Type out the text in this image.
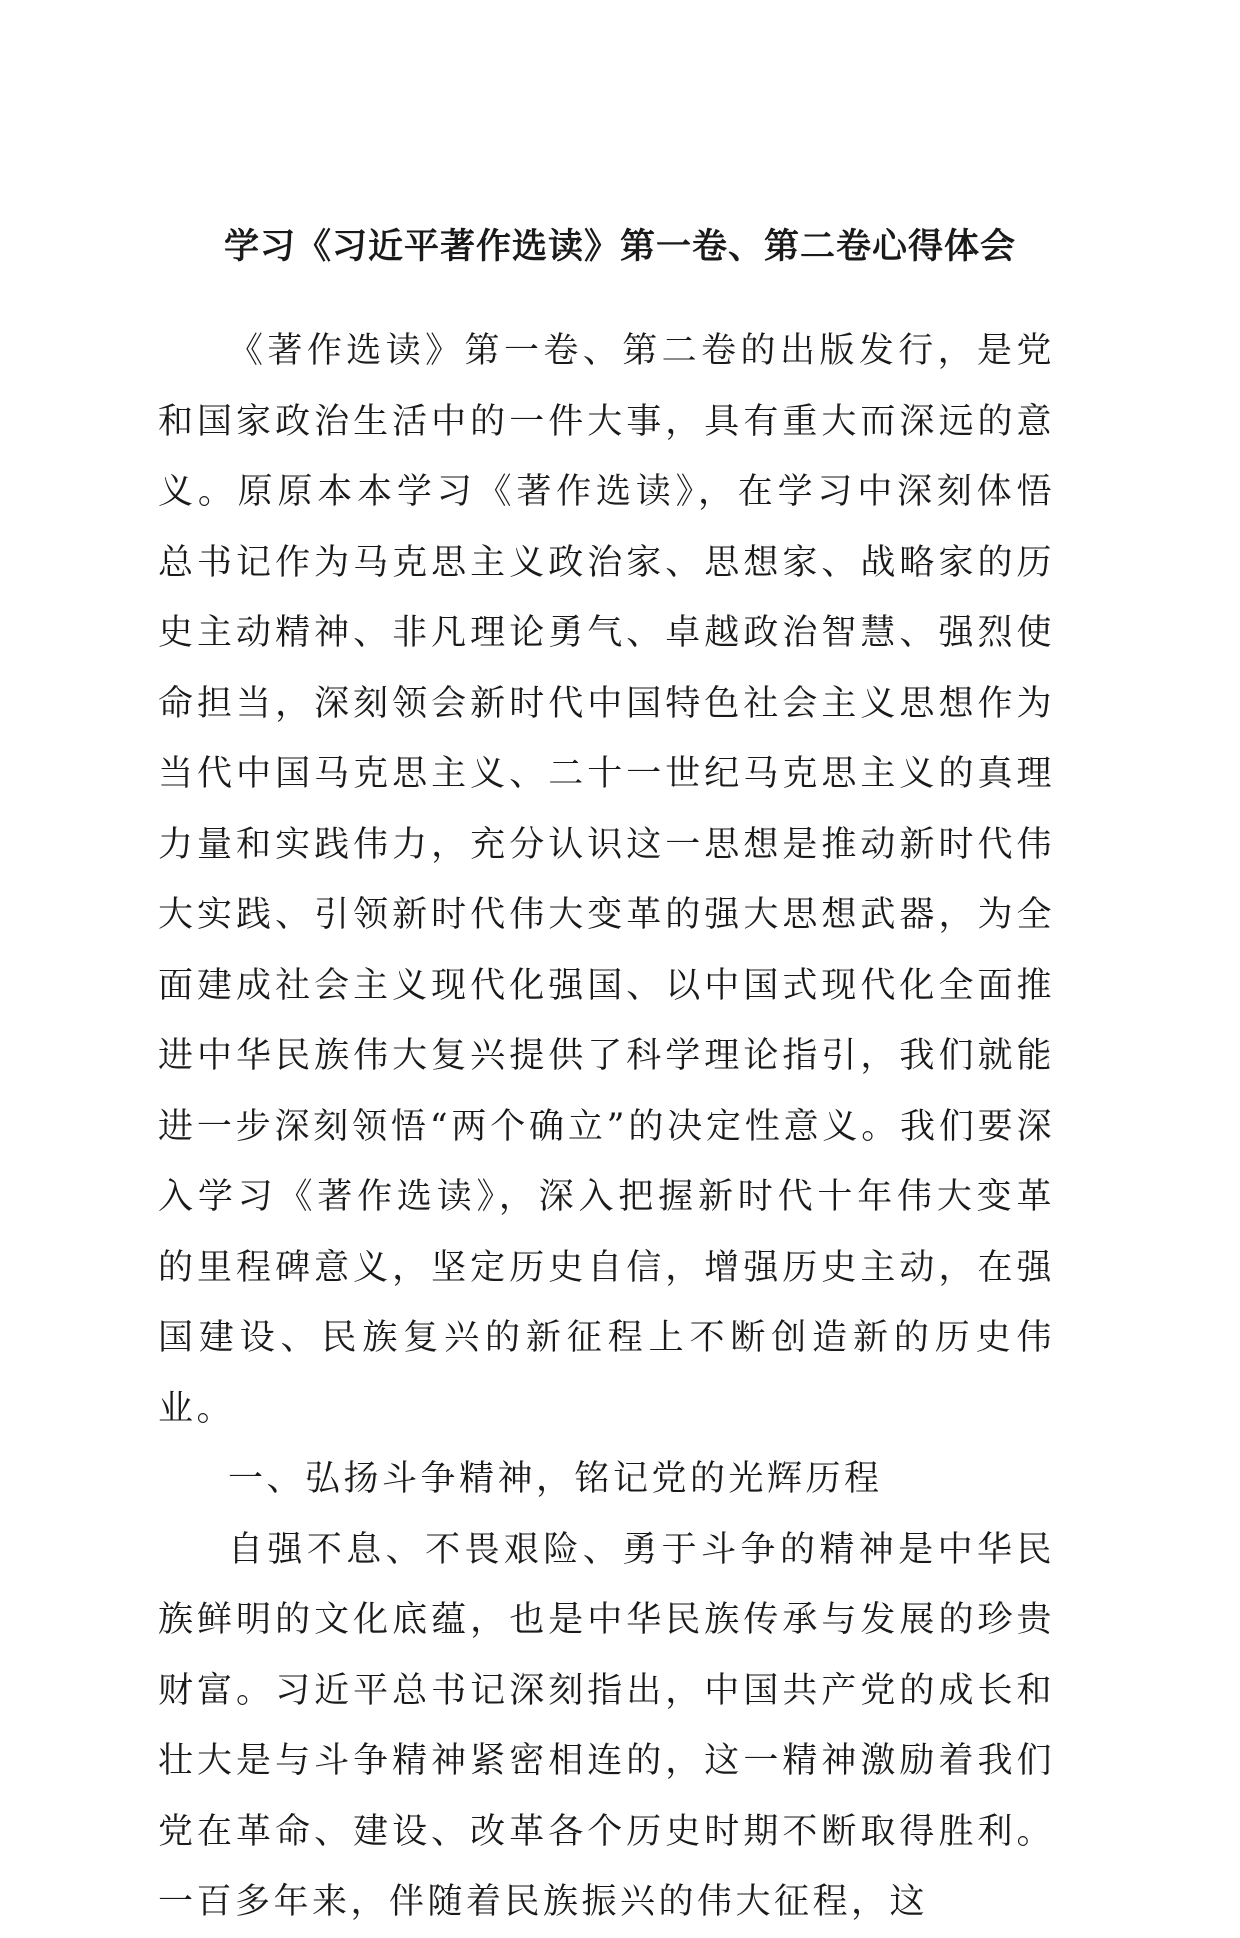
学习《习近平著作选读》第一卷、第二卷心得体会

《著作选读》第一卷、第二卷的出版发行，是党和国家政治生活中的一件大事，具有重大而深远的意义。原原本本学习《著作选读》，在学习中深刻体悟总书记作为马克思主义政治家、思想家、战略家的历史主动精神、非凡理论勇气、卓越政治智慧、强烈使命担当，深刻领会新时代中国特色社会主义思想作为当代中国马克思主义、二十一世纪马克思主义的真理力量和实践伟力，充分认识这一思想是推动新时代伟大实践、引领新时代伟大变革的强大思想武器，为全面建成社会主义现代化强国、以中国式现代化全面推进中华民族伟大复兴提供了科学理论指引，我们就能进一步深刻领悟“两个确立”的决定性意义。我们要深入学习《著作选读》，深入把握新时代十年伟大变革的里程碑意义，坚定历史自信，增强历史主动，在强国建设、民族复兴的新征程上不断创造新的历史伟业。

一、弘扬斗争精神，铭记党的光辉历程

自强不息、不畏艰险、勇于斗争的精神是中华民族鲜明的文化底蕴，也是中华民族传承与发展的珍贵财富。习近平总书记深刻指出，中国共产党的成长和壮大是与斗争精神紧密相连的，这一精神激励着我们党在革命、建设、改革各个历史时期不断取得胜利。一百多年来，伴随着民族振兴的伟大征程，这
